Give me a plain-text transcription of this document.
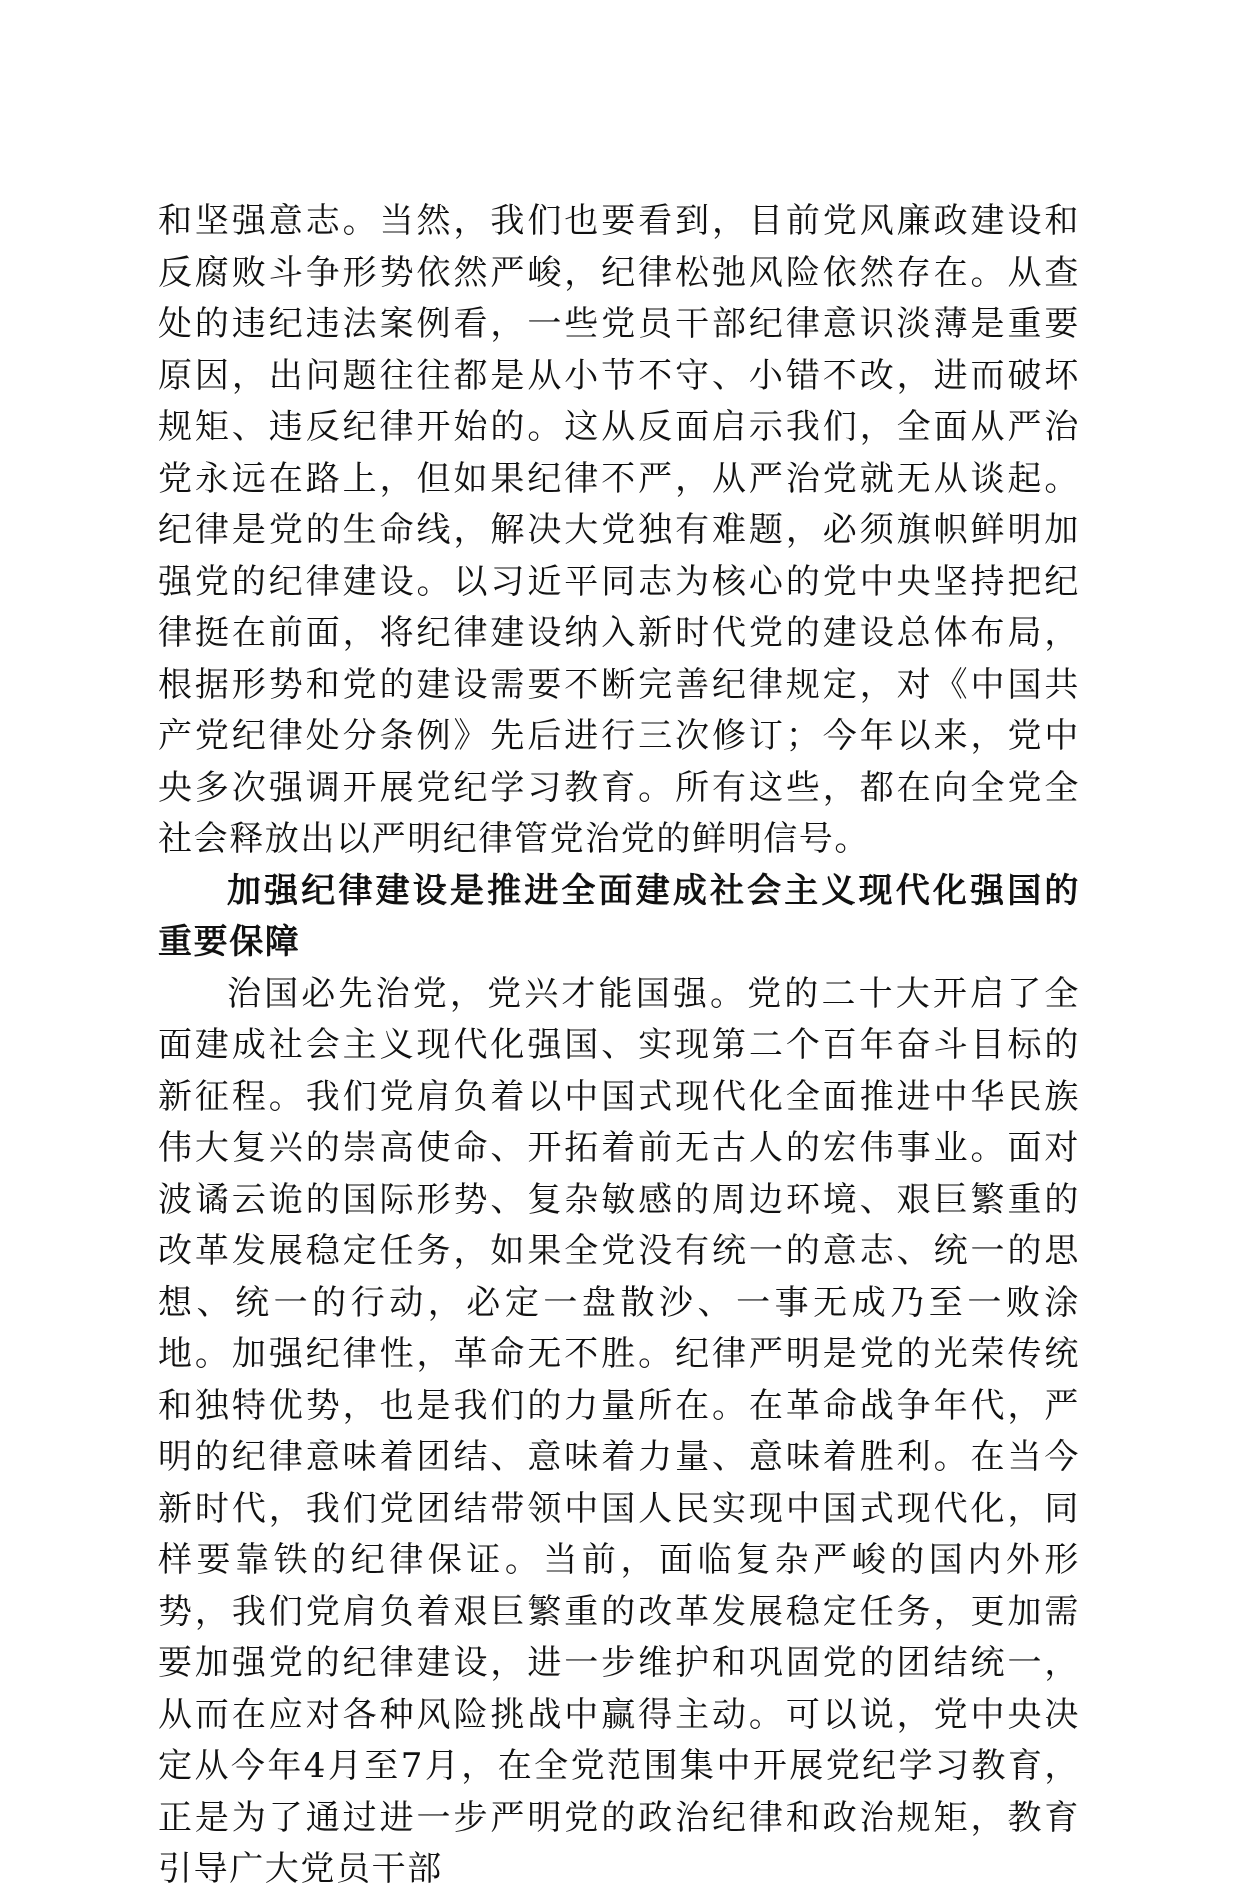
和坚强意志。当然，我们也要看到，目前党风廉政建设和反腐败斗争形势依然严峻，纪律松弛风险依然存在。从查处的违纪违法案例看，一些党员干部纪律意识淡薄是重要原因，出问题往往都是从小节不守、小错不改，进而破坏规矩、违反纪律开始的。这从反面启示我们，全面从严治党永远在路上，但如果纪律不严，从严治党就无从谈起。纪律是党的生命线，解决大党独有难题，必须旗帜鲜明加强党的纪律建设。以习近平同志为核心的党中央坚持把纪律挺在前面，将纪律建设纳入新时代党的建设总体布局，根据形势和党的建设需要不断完善纪律规定，对《中国共产党纪律处分条例》先后进行三次修订；今年以来，党中央多次强调开展党纪学习教育。所有这些，都在向全党全社会释放出以严明纪律管党治党的鲜明信号。

加强纪律建设是推进全面建成社会主义现代化强国的重要保障

治国必先治党，党兴才能国强。党的二十大开启了全面建成社会主义现代化强国、实现第二个百年奋斗目标的新征程。我们党肩负着以中国式现代化全面推进中华民族伟大复兴的崇高使命、开拓着前无古人的宏伟事业。面对波谲云诡的国际形势、复杂敏感的周边环境、艰巨繁重的改革发展稳定任务，如果全党没有统一的意志、统一的思想、统一的行动，必定一盘散沙、一事无成乃至一败涂地。加强纪律性，革命无不胜。纪律严明是党的光荣传统和独特优势，也是我们的力量所在。在革命战争年代，严明的纪律意味着团结、意味着力量、意味着胜利。在当今新时代，我们党团结带领中国人民实现中国式现代化，同样要靠铁的纪律保证。当前，面临复杂严峻的国内外形势，我们党肩负着艰巨繁重的改革发展稳定任务，更加需要加强党的纪律建设，进一步维护和巩固党的团结统一，从而在应对各种风险挑战中赢得主动。可以说，党中央决定从今年4月至7月，在全党范围集中开展党纪学习教育，正是为了通过进一步严明党的政治纪律和政治规矩，教育引导广大党员干部
